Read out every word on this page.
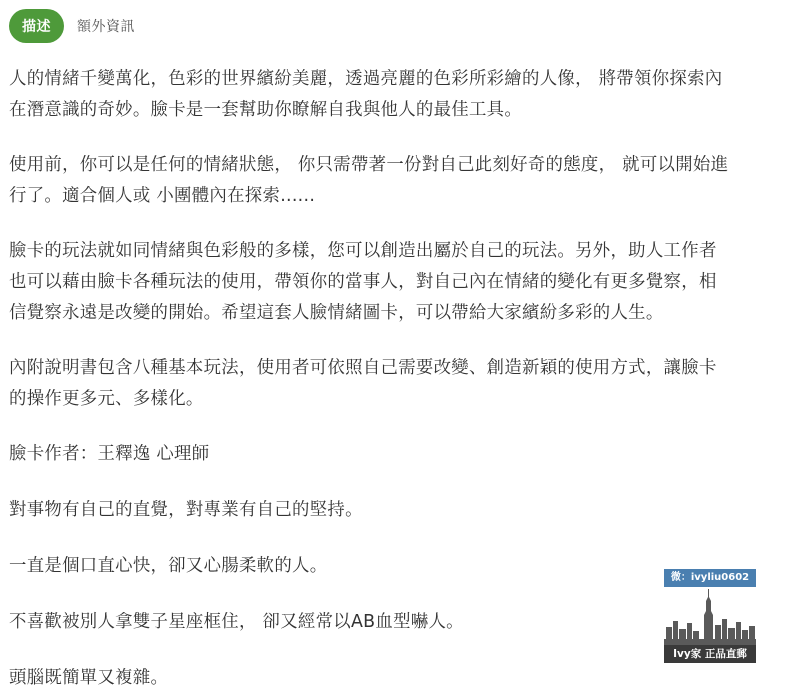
描述	額外資訊

人的情緒千變萬化，色彩的世界繽紛美麗，透過亮麗的色彩所彩繪的人像， 將帶領你探索內
在潛意識的奇妙。臉卡是一套幫助你瞭解自我與他人的最佳工具。

使用前，你可以是任何的情緒狀態， 你只需帶著一份對自己此刻好奇的態度， 就可以開始進
行了。適合個人或 小團體內在探索......

臉卡的玩法就如同情緒與色彩般的多樣，您可以創造出屬於自己的玩法。另外，助人工作者
也可以藉由臉卡各種玩法的使用，帶領你的當事人，對自己內在情緒的變化有更多覺察，相
信覺察永遠是改變的開始。希望這套人臉情緒圖卡，可以帶給大家繽紛多彩的人生。

內附說明書包含八種基本玩法，使用者可依照自己需要改變、創造新穎的使用方式，讓臉卡
的操作更多元、多樣化。

臉卡作者：王釋逸 心理師

對事物有自己的直覺，對專業有自己的堅持。

一直是個口直心快，卻又心腸柔軟的人。

不喜歡被別人拿雙子星座框住， 卻又經常以AB血型嚇人。

頭腦既簡單又複雜。

微：ivyliu0602
Ivy家 正品直郵
